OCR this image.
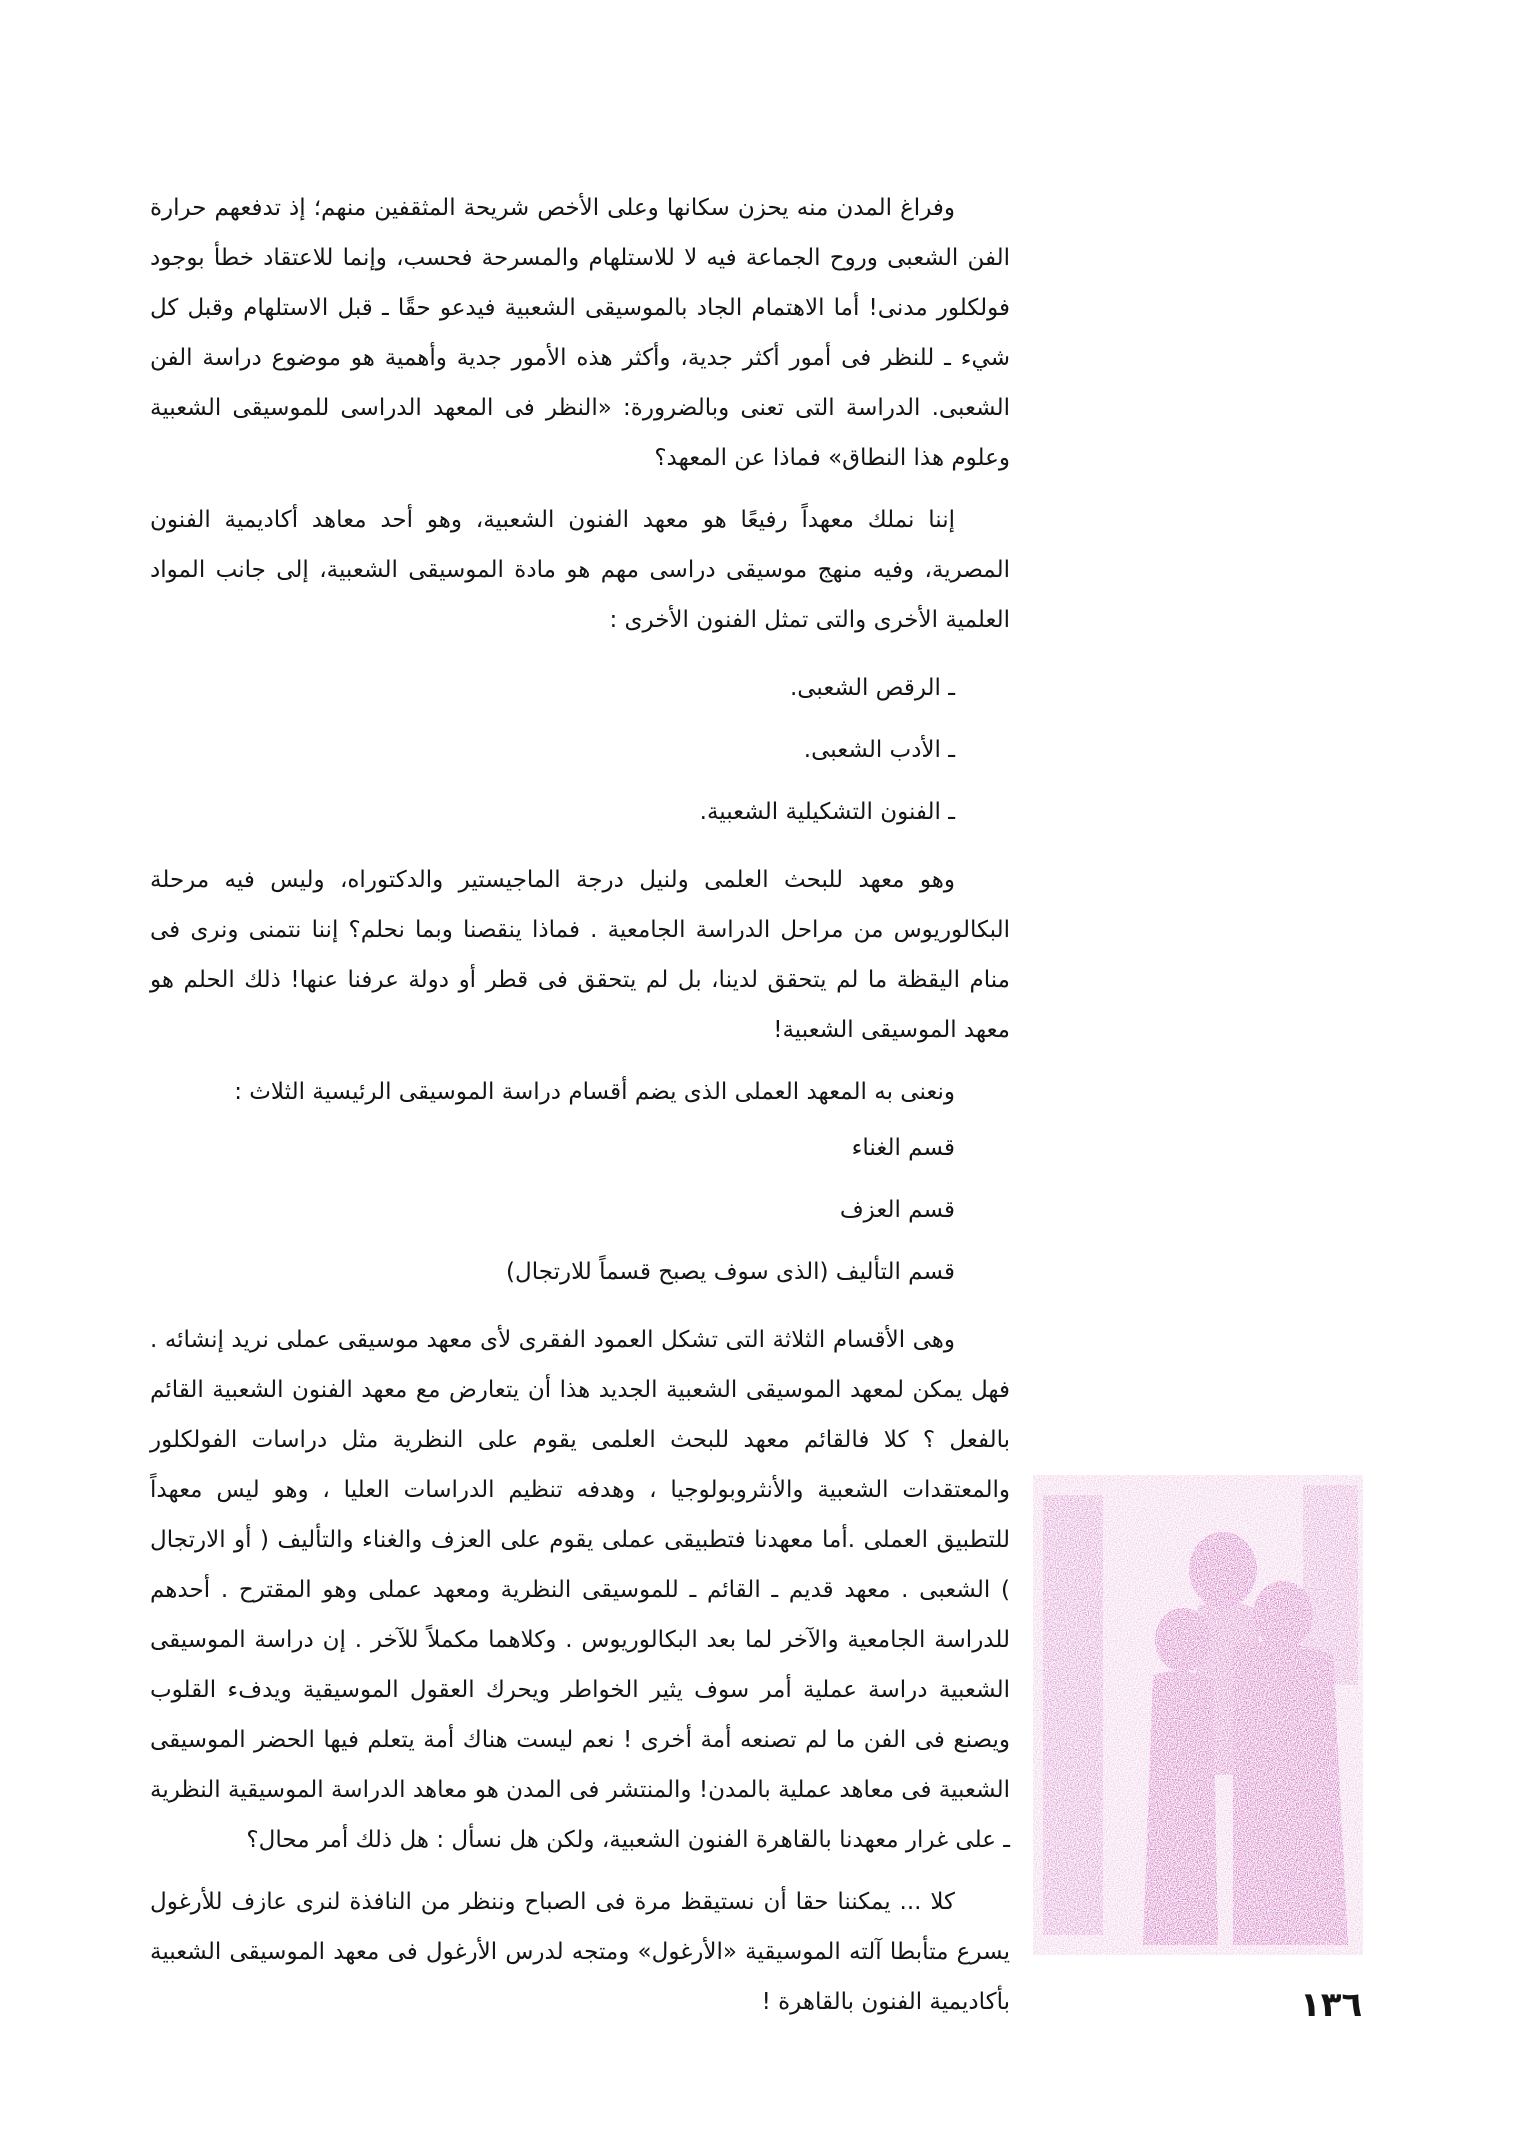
وفراغ المدن منه يحزن سكانها وعلى الأخص شريحة المثقفين منهم؛ إذ تدفعهم حرارة الفن الشعبى وروح الجماعة فيه لا للاستلهام والمسرحة فحسب، وإنما للاعتقاد خطأ بوجود فولكلور مدنى! أما الاهتمام الجاد بالموسيقى الشعبية فيدعو حقًا ـ قبل الاستلهام وقبل كل شيء ـ للنظر فى أمور أكثر جدية، وأكثر هذه الأمور جدية وأهمية هو موضوع دراسة الفن الشعبى. الدراسة التى تعنى وبالضرورة: «النظر فى المعهد الدراسى للموسيقى الشعبية وعلوم هذا النطاق» فماذا عن المعهد؟

إننا نملك معهداً رفيعًا هو معهد الفنون الشعبية، وهو أحد معاهد أكاديمية الفنون المصرية، وفيه منهج موسيقى دراسى مهم هو مادة الموسيقى الشعبية، إلى جانب المواد العلمية الأخرى والتى تمثل الفنون الأخرى :

ـ الرقص الشعبى.

ـ الأدب الشعبى.

ـ الفنون التشكيلية الشعبية.

وهو معهد للبحث العلمى ولنيل درجة الماجيستير والدكتوراه، وليس فيه مرحلة البكالوريوس من مراحل الدراسة الجامعية . فماذا ينقصنا وبما نحلم؟ إننا نتمنى ونرى فى منام اليقظة ما لم يتحقق لدينا، بل لم يتحقق فى قطر أو دولة عرفنا عنها! ذلك الحلم هو معهد الموسيقى الشعبية!

ونعنى به المعهد العملى الذى يضم أقسام دراسة الموسيقى الرئيسية الثلاث :

قسم الغناء

قسم العزف

قسم التأليف (الذى سوف يصبح قسماً للارتجال)

وهى الأقسام الثلاثة التى تشكل العمود الفقرى لأى معهد موسيقى عملى نريد إنشائه . فهل يمكن لمعهد الموسيقى الشعبية الجديد هذا أن يتعارض مع معهد الفنون الشعبية القائم بالفعل ؟ كلا فالقائم معهد للبحث العلمى يقوم على النظرية مثل دراسات الفولكلور والمعتقدات الشعبية والأنثروبولوجيا ، وهدفه تنظيم الدراسات العليا ، وهو ليس معهداً للتطبيق العملى .أما معهدنا فتطبيقى عملى يقوم على العزف والغناء والتأليف ( أو الارتجال ) الشعبى . معهد قديم ـ القائم ـ للموسيقى النظرية ومعهد عملى وهو المقترح . أحدهم للدراسة الجامعية والآخر لما بعد البكالوريوس . وكلاهما مكملاً للآخر . إن دراسة الموسيقى الشعبية دراسة عملية أمر سوف يثير الخواطر ويحرك العقول الموسيقية ويدفء القلوب ويصنع فى الفن ما لم تصنعه أمة أخرى ! نعم ليست هناك أمة يتعلم فيها الحضر الموسيقى الشعبية فى معاهد عملية بالمدن! والمنتشر فى المدن هو معاهد الدراسة الموسيقية النظرية ـ على غرار معهدنا بالقاهرة الفنون الشعبية، ولكن هل نسأل : هل ذلك أمر محال؟

كلا ... يمكننا حقا أن نستيقظ مرة فى الصباح وننظر من النافذة لنرى عازف للأرغول يسرع متأبطا آلته الموسيقية «الأرغول» ومتجه لدرس الأرغول فى معهد الموسيقى الشعبية بأكاديمية الفنون بالقاهرة !	١٣٦
